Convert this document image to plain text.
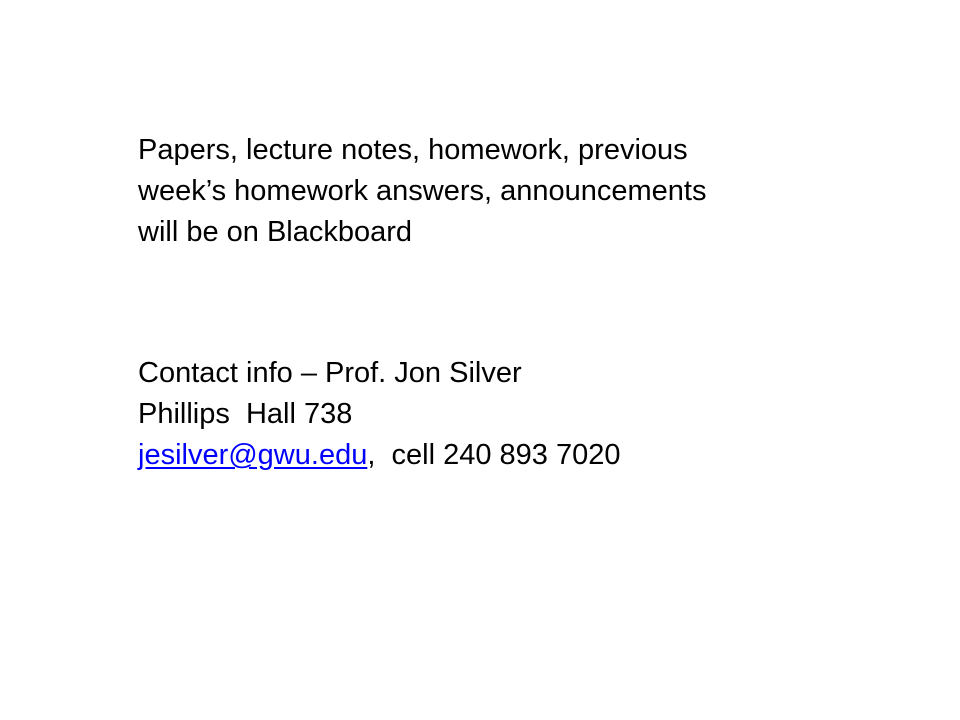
Papers, lecture notes, homework, previous
week’s homework answers, announcements
will be on Blackboard
Contact info – Prof. Jon Silver
Phillips  Hall 738
jesilver@gwu.edu,  cell 240 893 7020
